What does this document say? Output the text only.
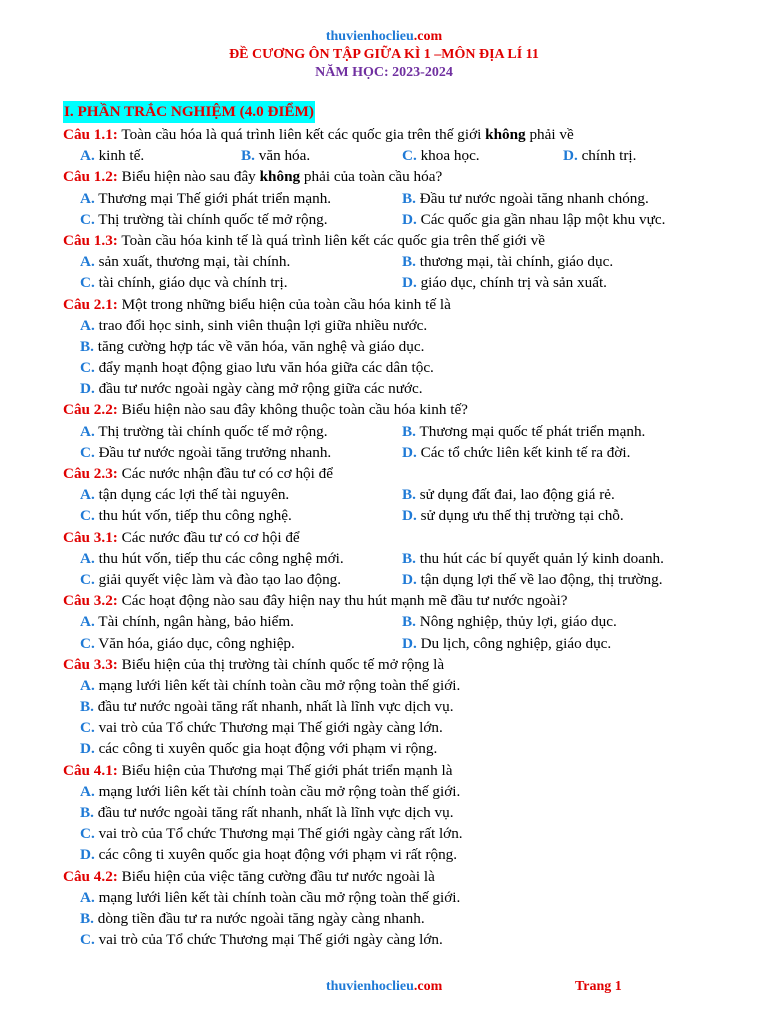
thuvienhoclieu.com
ĐỀ CƯƠNG ÔN TẬP GIỮA KÌ 1 –MÔN ĐỊA LÍ 11
NĂM HỌC: 2023-2024
I. PHẦN TRẮC NGHIỆM (4.0 ĐIỂM)
Câu 1.1: Toàn cầu hóa là quá trình liên kết các quốc gia trên thế giới không phải về
A. kinh tế.	B. văn hóa.	C. khoa học.	D. chính trị.
Câu 1.2: Biểu hiện nào sau đây không phải của toàn cầu hóa?
A. Thương mại Thế giới phát triển mạnh.	B. Đầu tư nước ngoài tăng nhanh chóng.
C. Thị trường tài chính quốc tế mở rộng.	D. Các quốc gia gần nhau lập một khu vực.
Câu 1.3: Toàn cầu hóa kinh tế là quá trình liên kết các quốc gia trên thế giới về
A. sản xuất, thương mại, tài chính.	B. thương mại, tài chính, giáo dục.
C. tài chính, giáo dục và chính trị.	D. giáo dục, chính trị và sản xuất.
Câu 2.1: Một trong những biểu hiện của toàn cầu hóa kinh tế là
A. trao đổi học sinh, sinh viên thuận lợi giữa nhiều nước.
B. tăng cường hợp tác về văn hóa, văn nghệ và giáo dục.
C. đẩy mạnh hoạt động giao lưu văn hóa giữa các dân tộc.
D. đầu tư nước ngoài ngày càng mở rộng giữa các nước.
Câu 2.2: Biểu hiện nào sau đây không thuộc toàn cầu hóa kinh tế?
A. Thị trường tài chính quốc tế mở rộng.	B. Thương mại quốc tế phát triển mạnh.
C. Đầu tư nước ngoài tăng trưởng nhanh.	D. Các tổ chức liên kết kinh tế ra đời.
Câu 2.3: Các nước nhận đầu tư có cơ hội để
A. tận dụng các lợi thế tài nguyên.	B. sử dụng đất đai, lao động giá rẻ.
C. thu hút vốn, tiếp thu công nghệ.	D. sử dụng ưu thế thị trường tại chỗ.
Câu 3.1: Các nước đầu tư có cơ hội để
A. thu hút vốn, tiếp thu các công nghệ mới.	B. thu hút các bí quyết quản lý kinh doanh.
C. giải quyết việc làm và đào tạo lao động.	D. tận dụng lợi thế về lao động, thị trường.
Câu 3.2: Các hoạt động nào sau đây hiện nay thu hút mạnh mẽ đầu tư nước ngoài?
A. Tài chính, ngân hàng, bảo hiểm.	B. Nông nghiệp, thủy lợi, giáo dục.
C. Văn hóa, giáo dục, công nghiệp.	D. Du lịch, công nghiệp, giáo dục.
Câu 3.3: Biểu hiện của thị trường tài chính quốc tế mở rộng là
A. mạng lưới liên kết tài chính toàn cầu mở rộng toàn thế giới.
B. đầu tư nước ngoài tăng rất nhanh, nhất là lĩnh vực dịch vụ.
C. vai trò của Tổ chức Thương mại Thế giới ngày càng lớn.
D. các công ti xuyên quốc gia hoạt động với phạm vi rộng.
Câu 4.1: Biểu hiện của Thương mại Thế giới phát triển mạnh là
A. mạng lưới liên kết tài chính toàn cầu mở rộng toàn thế giới.
B. đầu tư nước ngoài tăng rất nhanh, nhất là lĩnh vực dịch vụ.
C. vai trò của Tổ chức Thương mại Thế giới ngày càng rất lớn.
D. các công ti xuyên quốc gia hoạt động với phạm vi rất rộng.
Câu 4.2: Biểu hiện của việc tăng cường đầu tư nước ngoài là
A. mạng lưới liên kết tài chính toàn cầu mở rộng toàn thế giới.
B. dòng tiền đầu tư ra nước ngoài tăng ngày càng nhanh.
C. vai trò của Tổ chức Thương mại Thế giới ngày càng lớn.
thuvienhoclieu.com	Trang 1
